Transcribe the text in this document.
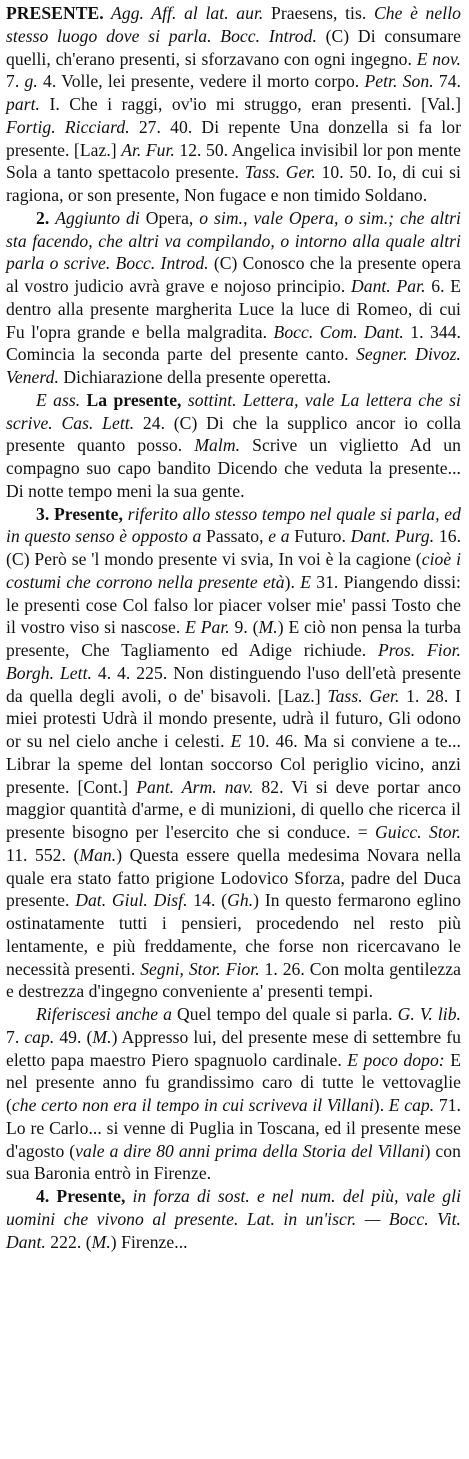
PRESENTE. Agg. Aff. al lat. aur. Praesens, tis. Che è nello stesso luogo dove si parla. Bocc. Introd. (C) Di consumare quelli, ch'erano presenti, si sforzavano con ogni ingegno. E nov. 7. g. 4. Volle, lei presente, vedere il morto corpo. Petr. Son. 74. part. I. Che i raggi, ov'io mi struggo, eran presenti. [Val.] Fortig. Ricciard. 27. 40. Di repente Una donzella si fa lor presente. [Laz.] Ar. Fur. 12. 50. Angelica invisibil lor pon mente Sola a tanto spettacolo presente. Tass. Ger. 10. 50. Io, di cui si ragiona, or son presente, Non fugace e non timido Soldano.

2. Aggiunto di Opera, o sim., vale Opera, o sim.; che altri sta facendo, che altri va compilando, o intorno alla quale altri parla o scrive. Bocc. Introd. (C) Conosco che la presente opera al vostro judicio avrà grave e nojoso principio. Dant. Par. 6. E dentro alla presente margherita Luce la luce di Romeo, di cui Fu l'opra grande e bella malgradita. Bocc. Com. Dant. 1. 344. Comincia la seconda parte del presente canto. Segner. Divoz. Venerd. Dichiarazione della presente operetta.

E ass. La presente, sottint. Lettera, vale La lettera che si scrive. Cas. Lett. 24. (C) Di che la supplico ancor io colla presente quanto posso. Malm. Scrive un viglietto Ad un compagno suo capo bandito Dicendo che veduta la presente... Di notte tempo meni la sua gente.

3. Presente, riferito allo stesso tempo nel quale si parla, ed in questo senso è opposto a Passato, e a Futuro. Dant. Purg. 16. (C) Però se 'l mondo presente vi svia, In voi è la cagione (cioè i costumi che corrono nella presente età). E 31. Piangendo dissi: le presenti cose Col falso lor piacer volser mie' passi Tosto che il vostro viso si nascose. E Par. 9. (M.) E ciò non pensa la turba presente, Che Tagliamento ed Adige richiude. Pros. Fior. Borgh. Lett. 4. 4. 225. Non distinguendo l'uso dell'età presente da quella degli avoli, o de' bisavoli. [Laz.] Tass. Ger. 1. 28. I miei protesti Udrà il mondo presente, udrà il futuro, Gli odono or su nel cielo anche i celesti. E 10. 46. Ma si conviene a te... Librar la speme del lontan soccorso Col periglio vicino, anzi presente. [Cont.] Pant. Arm. nav. 82. Vi si deve portar anco maggior quantità d'arme, e di munizioni, di quello che ricerca il presente bisogno per l'esercito che si conduce. = Guicc. Stor. 11. 552. (Man.) Questa essere quella medesima Novara nella quale era stato fatto prigione Lodovico Sforza, padre del Duca presente. Dat. Giul. Disf. 14. (Gh.) In questo fermarono eglino ostinatamente tutti i pensieri, procedendo nel resto più lentamente, e più freddamente, che forse non ricercavano le necessità presenti. Segni, Stor. Fior. 1. 26. Con molta gentilezza e destrezza d'ingegno conveniente a' presenti tempi.

Riferiscesi anche a Quel tempo del quale si parla. G. V. lib. 7. cap. 49. (M.) Appresso lui, del presente mese di settembre fu eletto papa maestro Piero spagnuolo cardinale. E poco dopo: E nel presente anno fu grandissimo caro di tutte le vettovaglie (che certo non era il tempo in cui scriveva il Villani). E cap. 71. Lo re Carlo... si venne di Puglia in Toscana, ed il presente mese d'agosto (vale a dire 80 anni prima della Storia del Villani) con sua Baronia entrò in Firenze.

4. Presente, in forza di sost. e nel num. del più, vale gli uomini che vivono al presente. Lat. in un'iscr. — Bocc. Vit. Dant. 222. (M.) Firenze...
